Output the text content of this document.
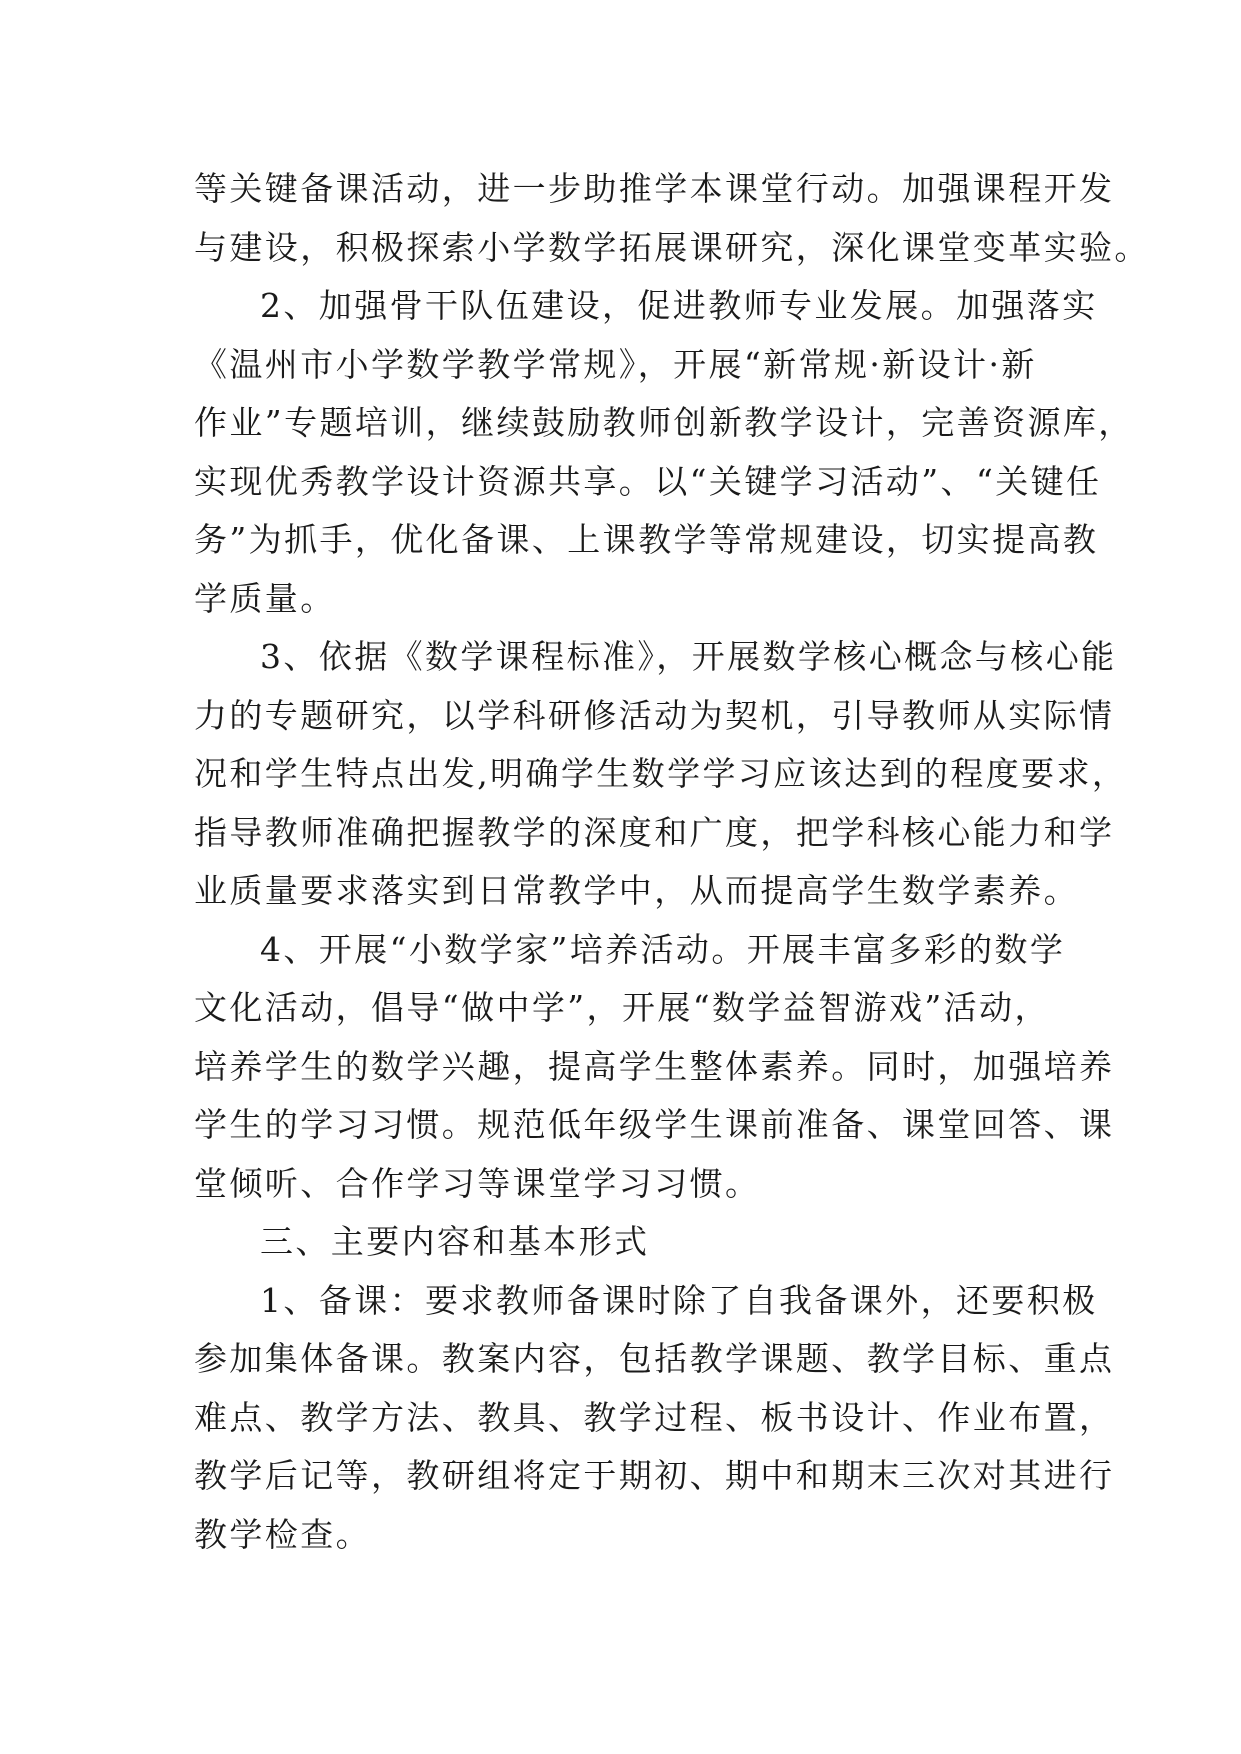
等关键备课活动，进一步助推学本课堂行动。加强课程开发
与建设，积极探索小学数学拓展课研究，深化课堂变革实验。

2、加强骨干队伍建设，促进教师专业发展。加强落实
《温州市小学数学教学常规》，开展“新常规·新设计·新
作业”专题培训，继续鼓励教师创新教学设计，完善资源库，
实现优秀教学设计资源共享。以“关键学习活动”、“关键任
务”为抓手，优化备课、上课教学等常规建设，切实提高教
学质量。

3、依据《数学课程标准》，开展数学核心概念与核心能
力的专题研究，以学科研修活动为契机，引导教师从实际情
况和学生特点出发,明确学生数学学习应该达到的程度要求，
指导教师准确把握教学的深度和广度，把学科核心能力和学
业质量要求落实到日常教学中，从而提高学生数学素养。

4、开展“小数学家”培养活动。开展丰富多彩的数学
文化活动，倡导“做中学”，开展“数学益智游戏”活动，
培养学生的数学兴趣，提高学生整体素养。同时，加强培养
学生的学习习惯。规范低年级学生课前准备、课堂回答、课
堂倾听、合作学习等课堂学习习惯。

三、主要内容和基本形式

1、备课：要求教师备课时除了自我备课外，还要积极
参加集体备课。教案内容，包括教学课题、教学目标、重点
难点、教学方法、教具、教学过程、板书设计、作业布置，
教学后记等，教研组将定于期初、期中和期末三次对其进行
教学检查。
